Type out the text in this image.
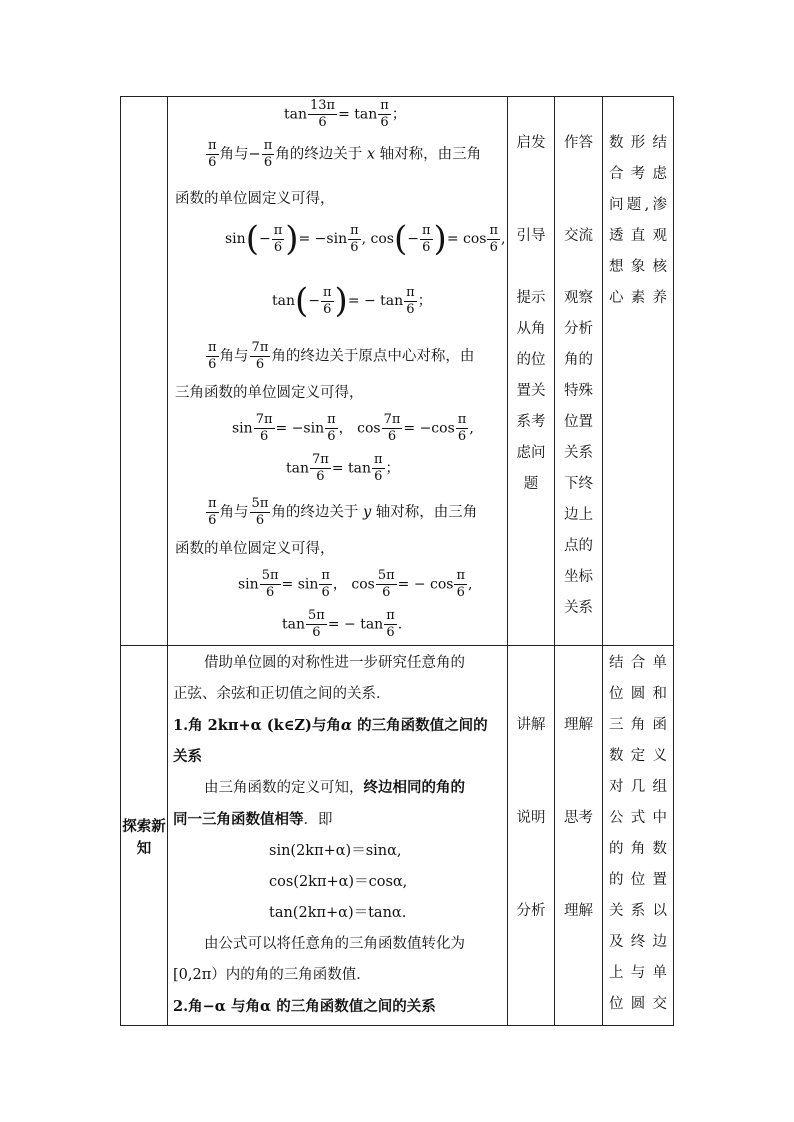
$\tan \frac{13\pi}{6} = \tan \frac{\pi}{6}$ ；
$\frac{\pi}{6}$ 角与− $\frac{\pi}{6}$ 角的终边关于 x 轴对称，由三角
函数的单位圆定义可得，
$\sin(- \frac{\pi}{6}$ )= $-\sin \frac{\pi}{6}$ , $\cos(- \frac{\pi}{6}$ )= $\cos \frac{\pi}{6}$ ,
$\tan(- \frac{\pi}{6}$ )= − $\tan \frac{\pi}{6}$ ；
$\frac{\pi}{6}$ 角与 $\frac{7\pi}{6}$ 角的终边关于原点中心对称，由
三角函数的单位圆定义可得，
$\sin \frac{7\pi}{6} = -\sin \frac{\pi}{6}$ ， $\cos \frac{7\pi}{6} = -\cos \frac{\pi}{6}$ ,
$\tan \frac{7\pi}{6} = \tan \frac{\pi}{6}$ ；
$\frac{\pi}{6}$ 角与 $\frac{5\pi}{6}$ 角的终边关于 y 轴对称，由三角
函数的单位圆定义可得，
$\sin \frac{5\pi}{6} = \sin \frac{\pi}{6}$ ， $\cos \frac{5\pi}{6}$ = − $\cos \frac{\pi}{6}$ ,
$\tan \frac{5\pi}{6}$ = − $\tan \frac{\pi}{6}$ .
启发
引导
提示
从角
的位
置关
系考
虑问
题
作答
交流
观察
分析
角的
特殊
位置
关系
下终
边上
点的
坐标
关系
数形结
合考虑
问题,渗
透直观
想象核
心素养
探索新知
借助单位圆的对称性进一步研究任意角的
正弦、余弦和正切值之间的关系．
1.角 2kπ+α (k∈Z)与角α 的三角函数值之间的
关系
由三角函数的定义可知，终边相同的角的
同一三角函数值相等．即
sin(2kπ+α)＝sinα,
cos(2kπ+α)＝cosα,
tan(2kπ+α)＝tanα.
由公式可以将任意角的三角函数值转化为
[0,2π）内的角的三角函数值．
2.角−α 与角α 的三角函数值之间的关系
讲解
说明
分析
理解
思考
理解
结合单
位圆和
三角函
数定义
对几组
公式中
的角数
的位置
关系以
及终边
上与单
位圆交
